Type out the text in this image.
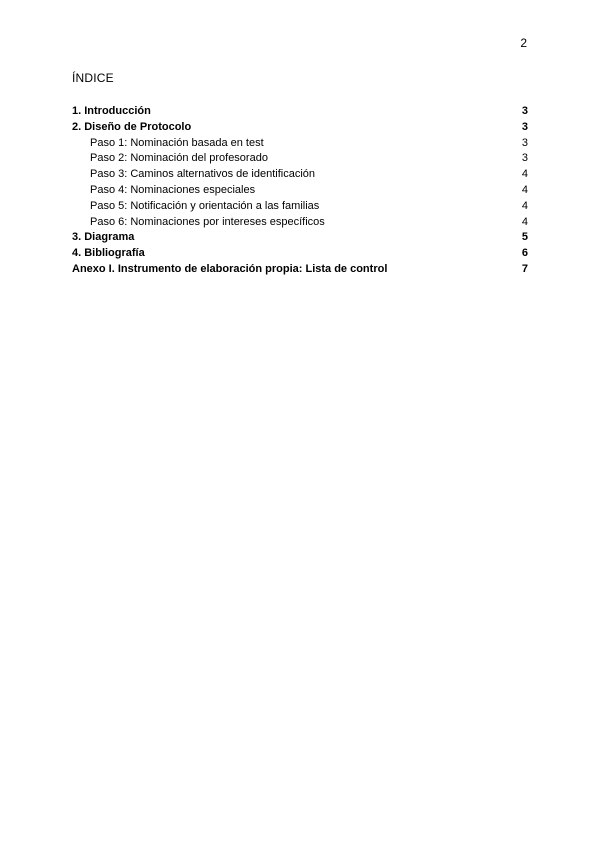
2
ÍNDICE
1. Introducción	3
2. Diseño de Protocolo	3
Paso 1: Nominación basada en test	3
Paso 2: Nominación del profesorado	3
Paso 3: Caminos alternativos de identificación	4
Paso 4: Nominaciones especiales	4
Paso 5: Notificación y orientación a las familias	4
Paso 6: Nominaciones por intereses específicos	4
3. Diagrama	5
4. Bibliografía	6
Anexo I. Instrumento de elaboración propia: Lista de control	7
